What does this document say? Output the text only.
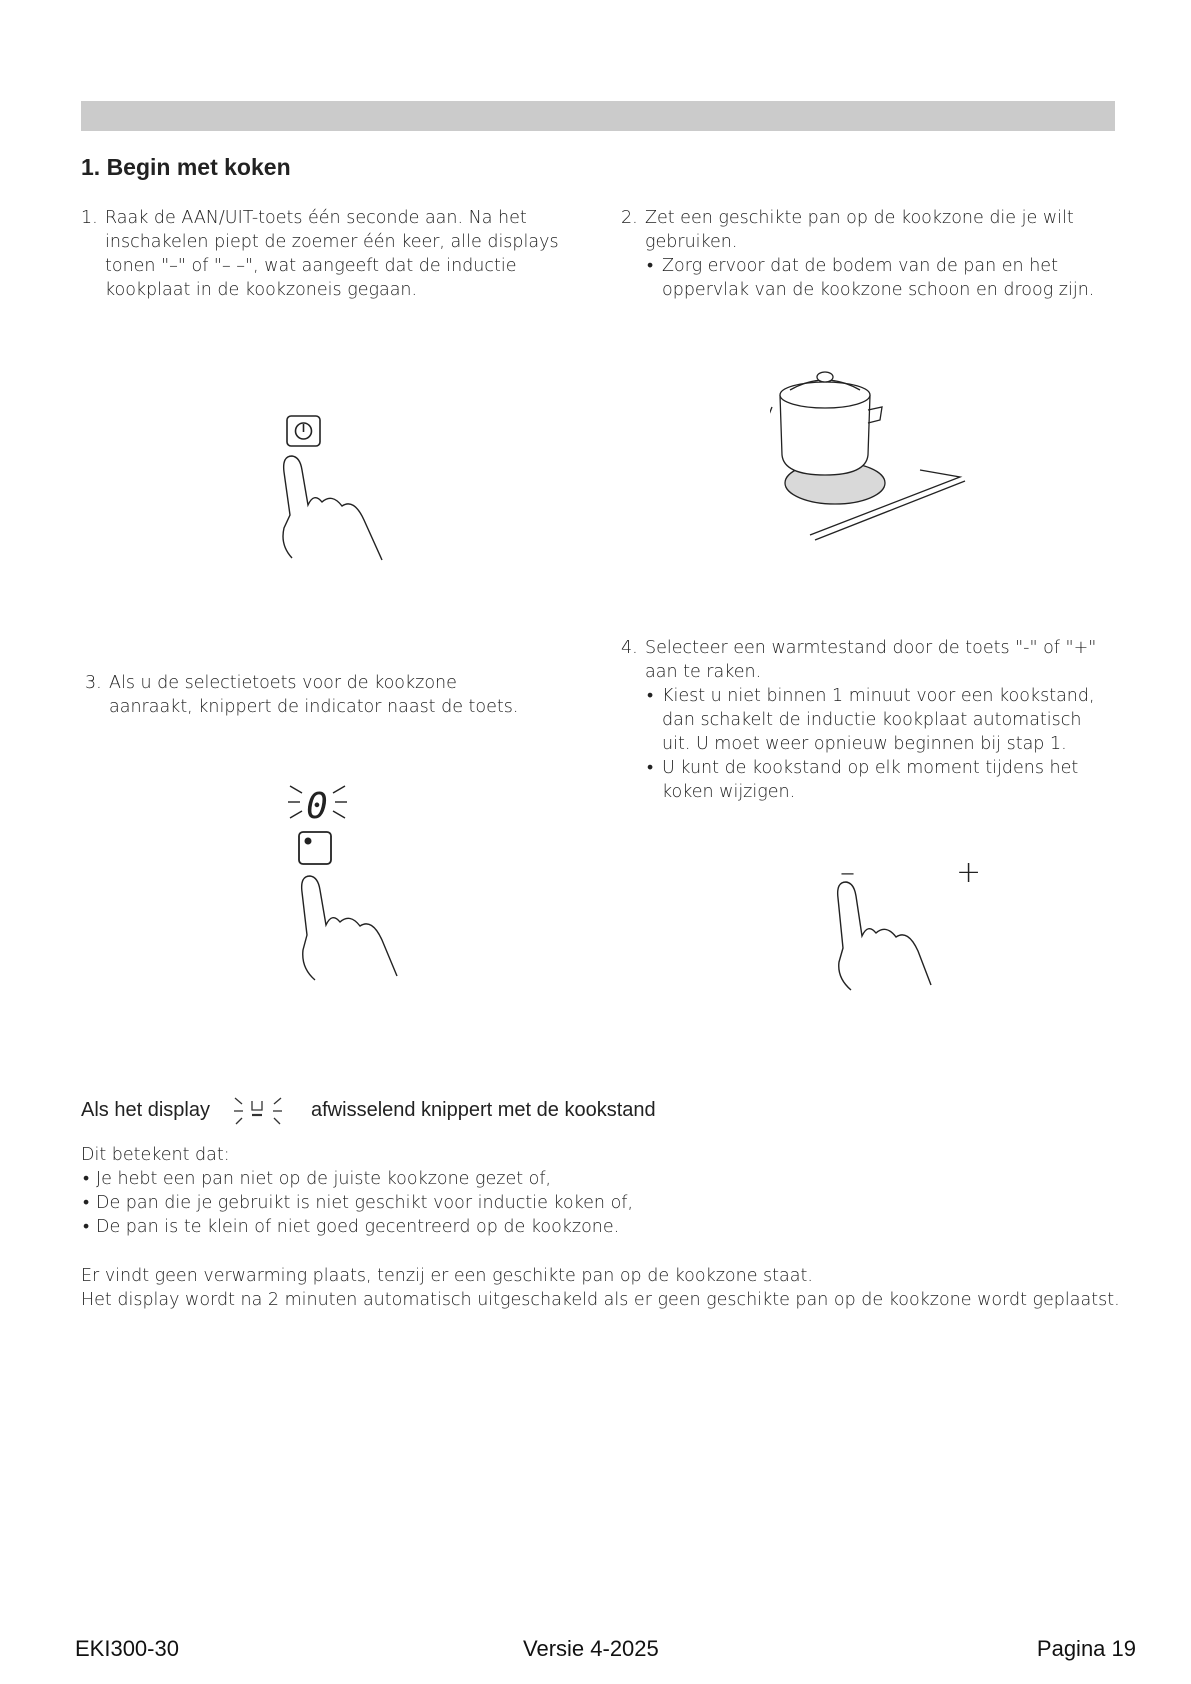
1. Begin met koken
1. Raak de AAN/UIT-toets één seconde aan. Na het inschakelen piept de zoemer één keer, alle displays tonen "–" of "– –", wat aangeeft dat de inductie kookplaat in de kookzoneis gegaan.
2. Zet een geschikte pan op de kookzone die je wilt gebruiken.
• Zorg ervoor dat de bodem van de pan en het oppervlak van de kookzone schoon en droog zijn.
3. Als u de selectietoets voor de kookzone aanraakt, knippert de indicator naast de toets.
4. Selecteer een warmtestand door de toets "-" of "+" aan te raken.
• Kiest u niet binnen 1 minuut voor een kookstand, dan schakelt de inductie kookplaat automatisch uit. U moet weer opnieuw beginnen bij stap 1.
• U kunt de kookstand op elk moment tijdens het koken wijzigen.
0
–	+
Als het display	afwisselend knippert met de kookstand
Dit betekent dat:
• Je hebt een pan niet op de juiste kookzone gezet of,
• De pan die je gebruikt is niet geschikt voor inductie koken of,
• De pan is te klein of niet goed gecentreerd op de kookzone.
Er vindt geen verwarming plaats, tenzij er een geschikte pan op de kookzone staat.
Het display wordt na 2 minuten automatisch uitgeschakeld als er geen geschikte pan op de kookzone wordt geplaatst.
EKI300-30	Versie 4-2025	Pagina 19
